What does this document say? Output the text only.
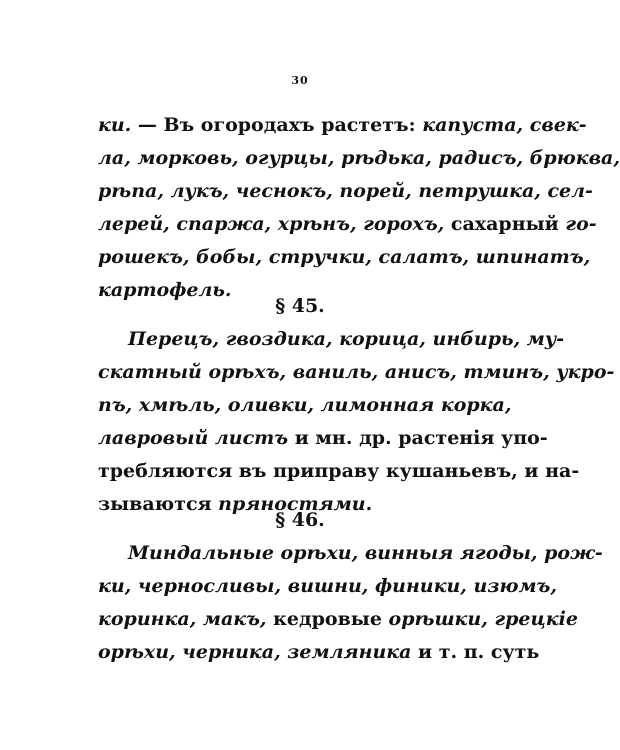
30
ки. — Въ огородахъ растетъ: капуста, свек-
ла, морковь, огурцы, рѣдька, радисъ, брюква,
рѣпа, лукъ, чеснокъ, порей, петрушка, сел-
лерей, спаржа, хрѣнъ, горохъ, сахарный го-
рошекъ, бобы, стручки, салатъ, шпинатъ,
картофель.
§ 45.
Перецъ, гвоздика, корица, инбирь, му-
скатный орѣхъ, ваниль, анисъ, тминъ, укро-
пъ, хмѣль, оливки, лимонная корка,
лавровый листъ и мн. др. растенія упо-
требляются въ приправу кушаньевъ, и на-
зываются пряностями.
§ 46.
Миндальные орѣхи, винныя ягоды, рож-
ки, черносливы, вишни, финики, изюмъ,
коринка, макъ, кедровые орѣшки, грецкіе
орѣхи, черника, земляника и т. п. суть
